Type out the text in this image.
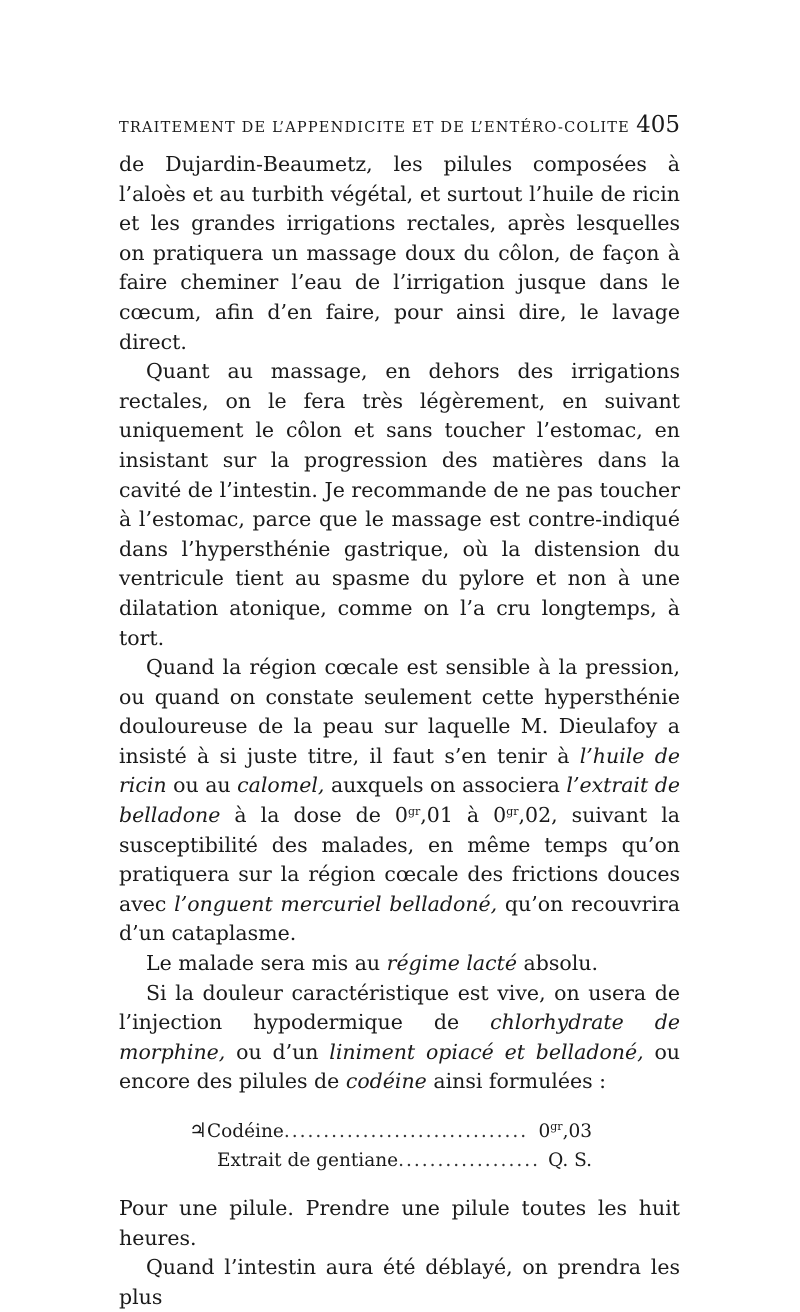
TRAITEMENT DE L’APPENDICITE ET DE L’ENTÉRO-COLITE 405

de Dujardin-Beaumetz, les pilules composées à l’aloès et au turbith végétal, et surtout l’huile de ricin et les grandes irrigations rectales, après lesquelles on pratiquera un massage doux du côlon, de façon à faire cheminer l’eau de l’irrigation jusque dans le cœcum, afin d’en faire, pour ainsi dire, le lavage direct.

Quant au massage, en dehors des irrigations rectales, on le fera très légèrement, en suivant uniquement le côlon et sans toucher l’estomac, en insistant sur la progression des matières dans la cavité de l’intestin. Je recommande de ne pas toucher à l’estomac, parce que le massage est contre-indiqué dans l’hypersthénie gastrique, où la distension du ventricule tient au spasme du pylore et non à une dilatation atonique, comme on l’a cru longtemps, à tort.

Quand la région cœcale est sensible à la pression, ou quand on constate seulement cette hypersthénie douloureuse de la peau sur laquelle M. Dieulafoy a insisté à si juste titre, il faut s’en tenir à l’huile de ricin ou au calomel, auxquels on associera l’extrait de belladone à la dose de $0^{gr},01$ à $0^{gr},02$, suivant la susceptibilité des malades, en même temps qu’on pratiquera sur la région cœcale des frictions douces avec l’onguent mercuriel belladoné, qu’on recouvrira d’un cataplasme.

Le malade sera mis au régime lacté absolu.

Si la douleur caractéristique est vive, on usera de l’injection hypodermique de chlorhydrate de morphine, ou d’un liniment opiacé et belladoné, ou encore des pilules de codéine ainsi formulées :

♃ Codéine .....	$0^{gr},03$
Extrait de gentiane .....	Q. S.

Pour une pilule. Prendre une pilule toutes les huit heures.

Quand l’intestin aura été déblayé, on prendra les plus
